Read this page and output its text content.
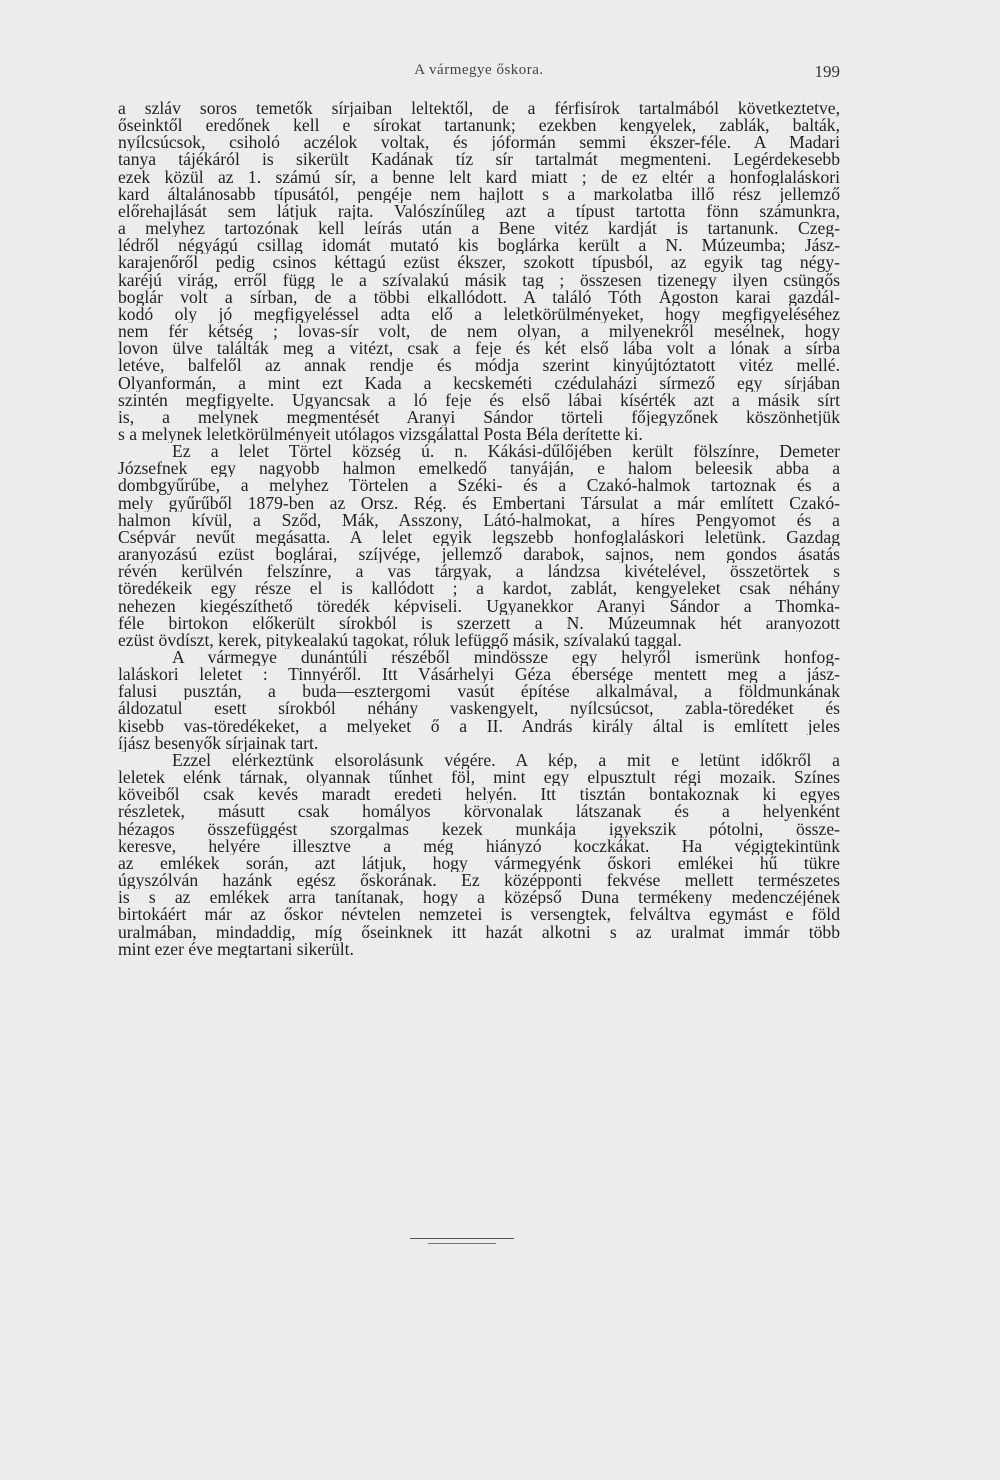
A vármegye őskora.	199
a szláv soros temetők sírjaiban leltektől, de a férfisírok tartalmából következtetve,
őseinktől eredőnek kell e sírokat tartanunk; ezekben kengyelek, zablák, balták,
nyílcsúcsok, csiholó aczélok voltak, és jóformán semmi ékszer-féle. A Madari
tanya tájékáról is sikerült Kadának tíz sír tartalmát megmenteni. Legérdekesebb
ezek közül az 1. számú sír, a benne lelt kard miatt ; de ez eltér a honfoglaláskori
kard általánosabb típusától, pengéje nem hajlott s a markolatba illő rész jellemző
előrehajlását sem látjuk rajta. Valószínűleg azt a típust tartotta fönn számunkra,
a melyhez tartozónak kell leírás után a Bene vitéz kardját is tartanunk. Czeg-
lédről négyágú csillag idomát mutató kis boglárka került a N. Múzeumba; Jász-
karajenőről pedig csinos kéttagú ezüst ékszer, szokott típusból, az egyik tag négy-
karéjú virág, erről függ le a szívalakú másik tag ; összesen tizenegy ilyen csüngős
boglár volt a sírban, de a többi elkallódott. A találó Tóth Ágoston karai gazdál-
kodó oly jó megfigyeléssel adta elő a leletkörülményeket, hogy megfigyeléséhez
nem fér kétség ; lovas-sír volt, de nem olyan, a milyenekről mesélnek, hogy
lovon ülve találták meg a vitézt, csak a feje és két első lába volt a lónak a sírba
letéve, balfelől az annak rendje és módja szerint kinyújtóztatott vitéz mellé.
Olyanformán, a mint ezt Kada a kecskeméti czédulaházi sírmező egy sírjában
szintén megfigyelte. Ugyancsak a ló feje és első lábai kísérték azt a másik sírt
is, a melynek megmentését Aranyi Sándor törteli főjegyzőnek köszönhetjük
s a melynek leletkörülményeit utólagos vizsgálattal Posta Béla derítette ki.
Ez a lelet Törtel község ú. n. Kákási-dűlőjében került fölszínre, Demeter
Józsefnek egy nagyobb halmon emelkedő tanyáján, e halom beleesik abba a
dombgyűrűbe, a melyhez Törtelen a Széki- és a Czakó-halmok tartoznak és a
mely gyűrűből 1879-ben az Orsz. Rég. és Embertani Társulat a már említett Czakó-
halmon kívül, a Sződ, Mák, Asszony, Látó-halmokat, a híres Pengyomot és a
Csépvár nevűt megásatta. A lelet egyik legszebb honfoglaláskori leletünk. Gazdag
aranyozású ezüst boglárai, szíjvége, jellemző darabok, sajnos, nem gondos ásatás
révén kerülvén felszínre, a vas tárgyak, a lándzsa kivételével, összetörtek s
töredékeik egy része el is kallódott ; a kardot, zablát, kengyeleket csak néhány
nehezen kiegészíthető töredék képviseli. Ugyanekkor Aranyi Sándor a Thomka-
féle birtokon előkerült sírokból is szerzett a N. Múzeumnak hét aranyozott
ezüst övdíszt, kerek, pitykealakú tagokat, róluk lefüggő másik, szívalakú taggal.
A vármegye dunántúli részéből mindössze egy helyről ismerünk honfog-
laláskori leletet : Tinnyéről. Itt Vásárhelyi Géza ébersége mentett meg a jász-
falusi pusztán, a buda—esztergomi vasút építése alkalmával, a földmunkának
áldozatul esett sírokból néhány vaskengyelt, nyílcsúcsot, zabla-töredéket és
kisebb vas-töredékeket, a melyeket ő a II. András király által is említett jeles
íjász besenyők sírjainak tart.
Ezzel elérkeztünk elsorolásunk végére. A kép, a mit e letünt időkről a
leletek elénk tárnak, olyannak tűnhet föl, mint egy elpusztult régi mozaik. Színes
köveiből csak kevés maradt eredeti helyén. Itt tisztán bontakoznak ki egyes
részletek, másutt csak homályos körvonalak látszanak és a helyenként
hézagos összefüggést szorgalmas kezek munkája igyekszik pótolni, össze-
keresve, helyére illesztve a még hiányzó koczkákat. Ha végigtekintünk
az emlékek során, azt látjuk, hogy vármegyénk őskori emlékei hű tükre
úgyszólván hazánk egész őskorának. Ez középponti fekvése mellett természetes
is s az emlékek arra tanítanak, hogy a középső Duna termékeny medenczéjének
birtokáért már az őskor névtelen nemzetei is versengtek, felváltva egymást e föld
uralmában, mindaddig, míg őseinknek itt hazát alkotni s az uralmat immár több
mint ezer éve megtartani sikerült.
